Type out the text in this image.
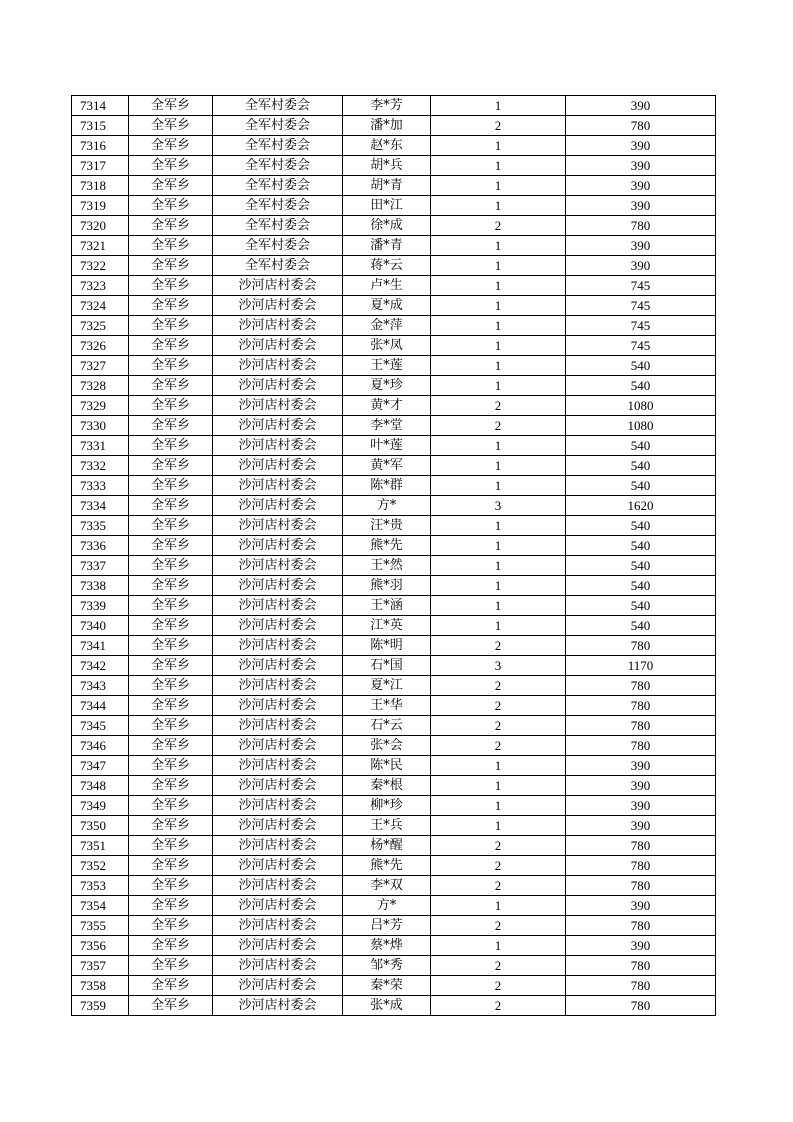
7314	全军乡	全军村委会	李*芳	1	390
7315	全军乡	全军村委会	潘*加	2	780
7316	全军乡	全军村委会	赵*东	1	390
7317	全军乡	全军村委会	胡*兵	1	390
7318	全军乡	全军村委会	胡*青	1	390
7319	全军乡	全军村委会	田*江	1	390
7320	全军乡	全军村委会	徐*成	2	780
7321	全军乡	全军村委会	潘*青	1	390
7322	全军乡	全军村委会	蒋*云	1	390
7323	全军乡	沙河店村委会	卢*生	1	745
7324	全军乡	沙河店村委会	夏*成	1	745
7325	全军乡	沙河店村委会	金*萍	1	745
7326	全军乡	沙河店村委会	张*凤	1	745
7327	全军乡	沙河店村委会	王*莲	1	540
7328	全军乡	沙河店村委会	夏*珍	1	540
7329	全军乡	沙河店村委会	黄*才	2	1080
7330	全军乡	沙河店村委会	李*堂	2	1080
7331	全军乡	沙河店村委会	叶*莲	1	540
7332	全军乡	沙河店村委会	黄*军	1	540
7333	全军乡	沙河店村委会	陈*群	1	540
7334	全军乡	沙河店村委会	方*	3	1620
7335	全军乡	沙河店村委会	汪*贵	1	540
7336	全军乡	沙河店村委会	熊*先	1	540
7337	全军乡	沙河店村委会	王*然	1	540
7338	全军乡	沙河店村委会	熊*羽	1	540
7339	全军乡	沙河店村委会	王*涵	1	540
7340	全军乡	沙河店村委会	江*英	1	540
7341	全军乡	沙河店村委会	陈*明	2	780
7342	全军乡	沙河店村委会	石*国	3	1170
7343	全军乡	沙河店村委会	夏*江	2	780
7344	全军乡	沙河店村委会	王*华	2	780
7345	全军乡	沙河店村委会	石*云	2	780
7346	全军乡	沙河店村委会	张*会	2	780
7347	全军乡	沙河店村委会	陈*民	1	390
7348	全军乡	沙河店村委会	秦*根	1	390
7349	全军乡	沙河店村委会	柳*珍	1	390
7350	全军乡	沙河店村委会	王*兵	1	390
7351	全军乡	沙河店村委会	杨*醒	2	780
7352	全军乡	沙河店村委会	熊*先	2	780
7353	全军乡	沙河店村委会	李*双	2	780
7354	全军乡	沙河店村委会	方*	1	390
7355	全军乡	沙河店村委会	吕*芳	2	780
7356	全军乡	沙河店村委会	蔡*烨	1	390
7357	全军乡	沙河店村委会	邹*秀	2	780
7358	全军乡	沙河店村委会	秦*荣	2	780
7359	全军乡	沙河店村委会	张*成	2	780
